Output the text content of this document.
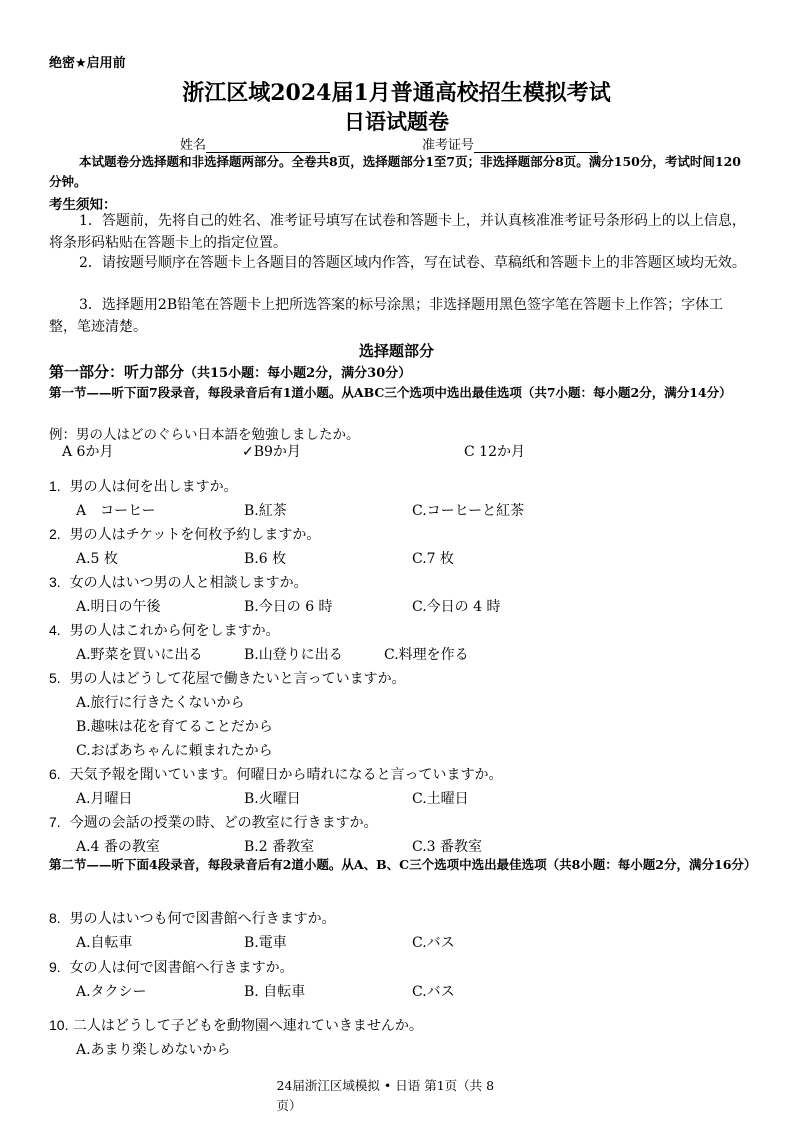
绝密★启用前
浙江区域2024届1月普通高校招生模拟考试
日语试题卷
姓名	准考证号
本试题卷分选择题和非选择题两部分。全卷共8页，选择题部分1至7页；非选择题部分8页。满分150分，考试时间120分钟。
考生须知：
1．答题前，先将自己的姓名、准考证号填写在试卷和答题卡上，并认真核准准考证号条形码上的以上信息，将条形码粘贴在答题卡上的指定位置。
2．请按题号顺序在答题卡上各题目的答题区域内作答，写在试卷、草稿纸和答题卡上的非答题区域均无效。
3．选择题用2B铅笔在答题卡上把所选答案的标号涂黑；非选择题用黑色签字笔在答题卡上作答；字体工整，笔迹清楚。
选择题部分
第一部分：听力部分（共15小题：每小题2分，满分30分）
第一节——听下面7段录音，每段录音后有1道小题。从ABC三个选项中选出最佳选项（共7小题：每小题2分，满分14分）
例：男の人はどのぐらい日本語を勉強しましたか。
A 6か月	✓B9か月	C 12か月
1. 男の人は何を出しますか。
A　コーヒー	B.紅茶	C.コーヒーと紅茶
2. 男の人はチケットを何枚予約しますか。
A.5 枚	B.6 枚	C.7 枚
3. 女の人はいつ男の人と相談しますか。
A.明日の午後	B.今日の 6 時	C.今日の 4 時
4. 男の人はこれから何をしますか。
A.野菜を買いに出る	B.山登りに出る	C.料理を作る
5. 男の人はどうして花屋で働きたいと言っていますか。
A.旅行に行きたくないから
B.趣味は花を育てることだから
C.おばあちゃんに頼まれたから
6. 天気予報を聞いています。何曜日から晴れになると言っていますか。
A.月曜日	B.火曜日	C.土曜日
7. 今週の会話の授業の時、どの教室に行きますか。
A.4 番の教室	B.2 番教室	C.3 番教室
第二节——听下面4段录音，每段录音后有2道小题。从A、B、C三个选项中选出最佳选项（共8小题：每小题2分，满分16分）
8. 男の人はいつも何で図書館へ行きますか。
A.自転車	B.電車	C.バス
9. 女の人は何で図書館へ行きますか。
A.タクシー	B. 自転車	C.バス
10. 二人はどうして子どもを動物園へ連れていきませんか。
A.あまり楽しめないから
24届浙江区域模拟 • 日语 第1页（共 8 页）
